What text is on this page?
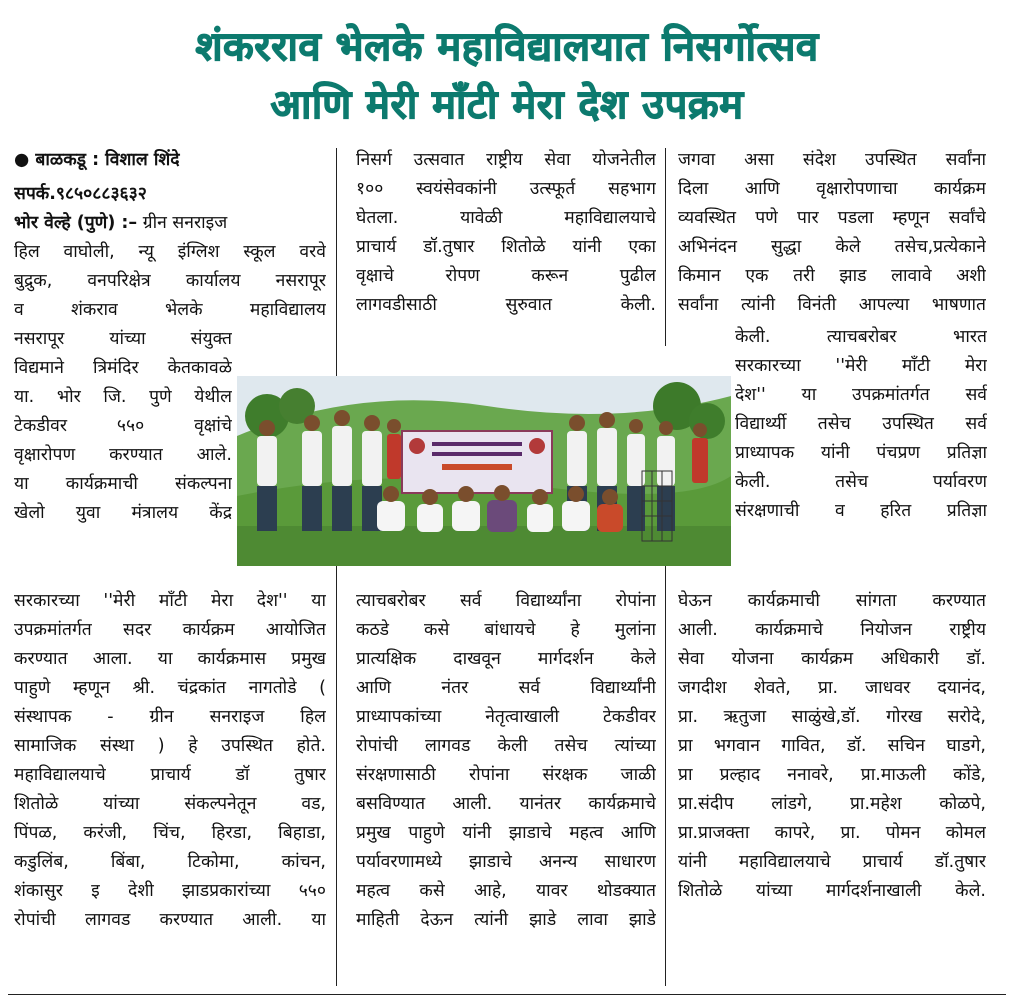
शंकरराव भेलके महाविद्यालयात निसर्गोत्सव
आणि मेरी माँटी मेरा देश उपक्रम
● बाळकडू : विशाल शिंदे
सपर्क.९८५०८८३६३२
भोर वेल्हे (पुणे) :– ग्रीन सनराइज
हिल वाघोली, न्यू इंग्लिश स्कूल वरवे
बुद्रुक, वनपरिक्षेत्र कार्यालय नसरापूर
व शंकराव भेलके महाविद्यालय
नसरापूर यांच्या संयुक्त
विद्यमाने त्रिमंदिर केतकावळे
या. भोर जि. पुणे येथील
टेकडीवर ५५० वृक्षांचे
वृक्षारोपण करण्यात आले.
या कार्यक्रमाची संकल्पना
खेलो युवा मंत्रालय केंद्र
सरकारच्या ''मेरी माँटी मेरा देश'' या
उपक्रमांतर्गत सदर कार्यक्रम आयोजित
करण्यात आला. या कार्यक्रमास प्रमुख
पाहुणे म्हणून श्री. चंद्रकांत नागतोडे (
संस्थापक - ग्रीन सनराइज हिल
सामाजिक संस्था ) हे उपस्थित होते.
महाविद्यालयाचे प्राचार्य डॉ तुषार
शितोळे यांच्या संकल्पनेतून वड,
पिंपळ, करंजी, चिंच, हिरडा, बिहाडा,
कडुलिंब, बिंबा, टिकोमा, कांचन,
शंकासुर इ देशी झाडप्रकारांच्या ५५०
रोपांची लागवड करण्यात आली. या
निसर्ग उत्सवात राष्ट्रीय सेवा योजनेतील
१०० स्वयंसेवकांनी उत्स्फूर्त सहभाग
घेतला. यावेळी महाविद्यालयाचे
प्राचार्य डॉ.तुषार शितोळे यांनी एका
वृक्षाचे रोपण करून पुढील
लागवडीसाठी सुरुवात केली.
त्याचबरोबर सर्व विद्यार्थ्यांना रोपांना
कठडे कसे बांधायचे हे मुलांना
प्रात्यक्षिक दाखवून मार्गदर्शन केले
आणि नंतर सर्व विद्यार्थ्यांनी
प्राध्यापकांच्या नेतृत्वाखाली टेकडीवर
रोपांची लागवड केली तसेच त्यांच्या
संरक्षणासाठी रोपांना संरक्षक जाळी
बसविण्यात आली. यानंतर कार्यक्रमाचे
प्रमुख पाहुणे यांनी झाडाचे महत्व आणि
पर्यावरणामध्ये झाडाचे अनन्य साधारण
महत्व कसे आहे, यावर थोडक्यात
माहिती देऊन त्यांनी झाडे लावा झाडे
जगवा असा संदेश उपस्थित सर्वांना
दिला आणि वृक्षारोपणाचा कार्यक्रम
व्यवस्थित पणे पार पडला म्हणून सर्वांचे
अभिनंदन सुद्धा केले तसेच,प्रत्येकाने
किमान एक तरी झाड लावावे अशी
सर्वांना त्यांनी विनंती आपल्या भाषणात
केली. त्याचबरोबर भारत
सरकारच्या ''मेरी माँटी मेरा
देश'' या उपक्रमांतर्गत सर्व
विद्यार्थ्यी तसेच उपस्थित सर्व
प्राध्यापक यांनी पंचप्रण प्रतिज्ञा
केली. तसेच पर्यावरण
संरक्षणाची व हरित प्रतिज्ञा
घेऊन कार्यक्रमाची सांगता करण्यात
आली. कार्यक्रमाचे नियोजन राष्ट्रीय
सेवा योजना कार्यक्रम अधिकारी डॉ.
जगदीश शेवते, प्रा. जाधवर दयानंद,
प्रा. ऋतुजा साळुंखे,डॉ. गोरख सरोदे,
प्रा भगवान गावित, डॉ. सचिन घाडगे,
प्रा प्रल्हाद ननावरे, प्रा.माऊली कोंडे,
प्रा.संदीप लांडगे, प्रा.महेश कोळपे,
प्रा.प्राजक्ता कापरे, प्रा. पोमन कोमल
यांनी महाविद्यालयाचे प्राचार्य डॉ.तुषार
शितोळे यांच्या मार्गदर्शनाखाली केले.
